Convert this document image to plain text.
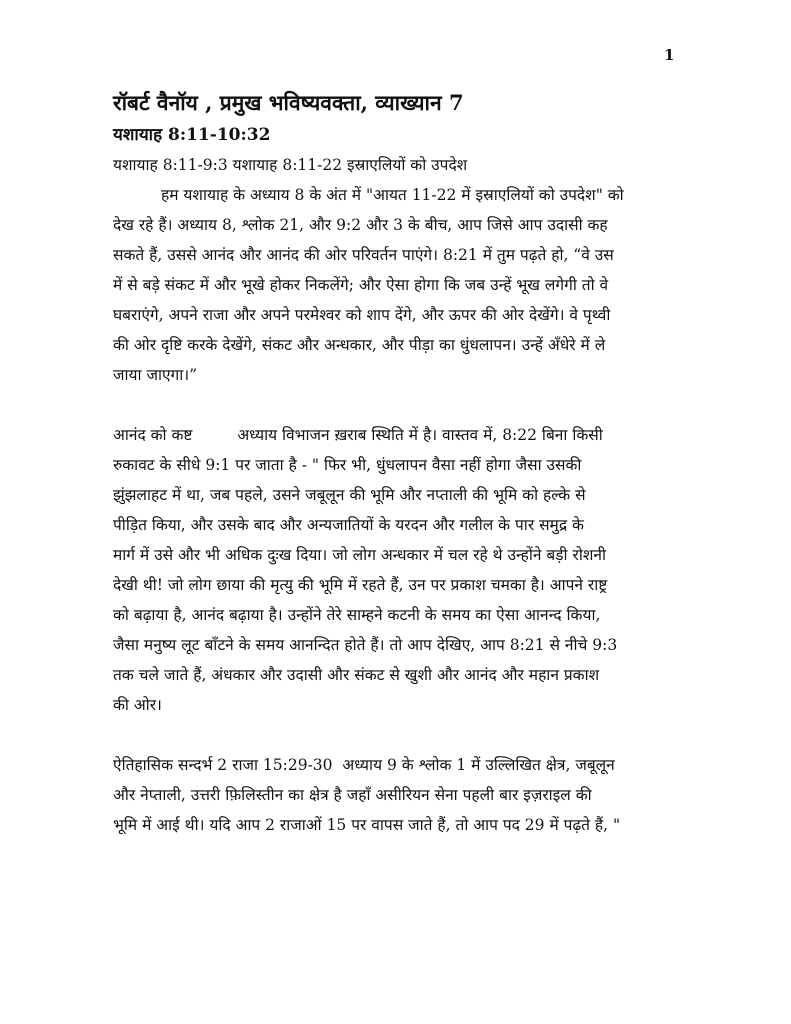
1

रॉबर्ट वैनॉय , प्रमुख भविष्यवक्ता, व्याख्यान 7

यशायाह 8:11-10:32

यशायाह 8:11-9:3 यशायाह 8:11-22 इस्राएलियों को उपदेश

हम यशायाह के अध्याय 8 के अंत में "आयत 11-22 में इस्राएलियों को उपदेश" को

देख रहे हैं। अध्याय 8, श्लोक 21, और 9:2 और 3 के बीच, आप जिसे आप उदासी कह

सकते हैं, उससे आनंद और आनंद की ओर परिवर्तन पाएंगे। 8:21 में तुम पढ़ते हो, “वे उस

में से बड़े संकट में और भूखे होकर निकलेंगे; और ऐसा होगा कि जब उन्हें भूख लगेगी तो वे

घबराएंगे, अपने राजा और अपने परमेश्वर को शाप देंगे, और ऊपर की ओर देखेंगे। वे पृथ्वी

की ओर दृष्टि करके देखेंगे, संकट और अन्धकार, और पीड़ा का धुंधलापन। उन्हें अँधेरे में ले

जाया जाएगा।”

आनंद को कष्ट	अध्याय विभाजन ख़राब स्थिति में है। वास्तव में, 8:22 बिना किसी

रुकावट के सीधे 9:1 पर जाता है - " फिर भी, धुंधलापन वैसा नहीं होगा जैसा उसकी

झुंझलाहट में था, जब पहले, उसने जबूलून की भूमि और नप्ताली की भूमि को हल्के से

पीड़ित किया, और उसके बाद और अन्यजातियों के यरदन और गलील के पार समुद्र के

मार्ग में उसे और भी अधिक दुःख दिया। जो लोग अन्धकार में चल रहे थे उन्होंने बड़ी रोशनी

देखी थी! जो लोग छाया की मृत्यु की भूमि में रहते हैं, उन पर प्रकाश चमका है। आपने राष्ट्र

को बढ़ाया है, आनंद बढ़ाया है। उन्होंने तेरे साम्हने कटनी के समय का ऐसा आनन्द किया,

जैसा मनुष्य लूट बाँटने के समय आनन्दित होते हैं। तो आप देखिए, आप 8:21 से नीचे 9:3

तक चले जाते हैं, अंधकार और उदासी और संकट से खुशी और आनंद और महान प्रकाश

की ओर।

ऐतिहासिक सन्दर्भ 2 राजा 15:29-30 अध्याय 9 के श्लोक 1 में उल्लिखित क्षेत्र, जबूलून

और नेप्ताली, उत्तरी फ़िलिस्तीन का क्षेत्र है जहाँ असीरियन सेना पहली बार इज़राइल की

भूमि में आई थी। यदि आप 2 राजाओं 15 पर वापस जाते हैं, तो आप पद 29 में पढ़ते हैं, "
